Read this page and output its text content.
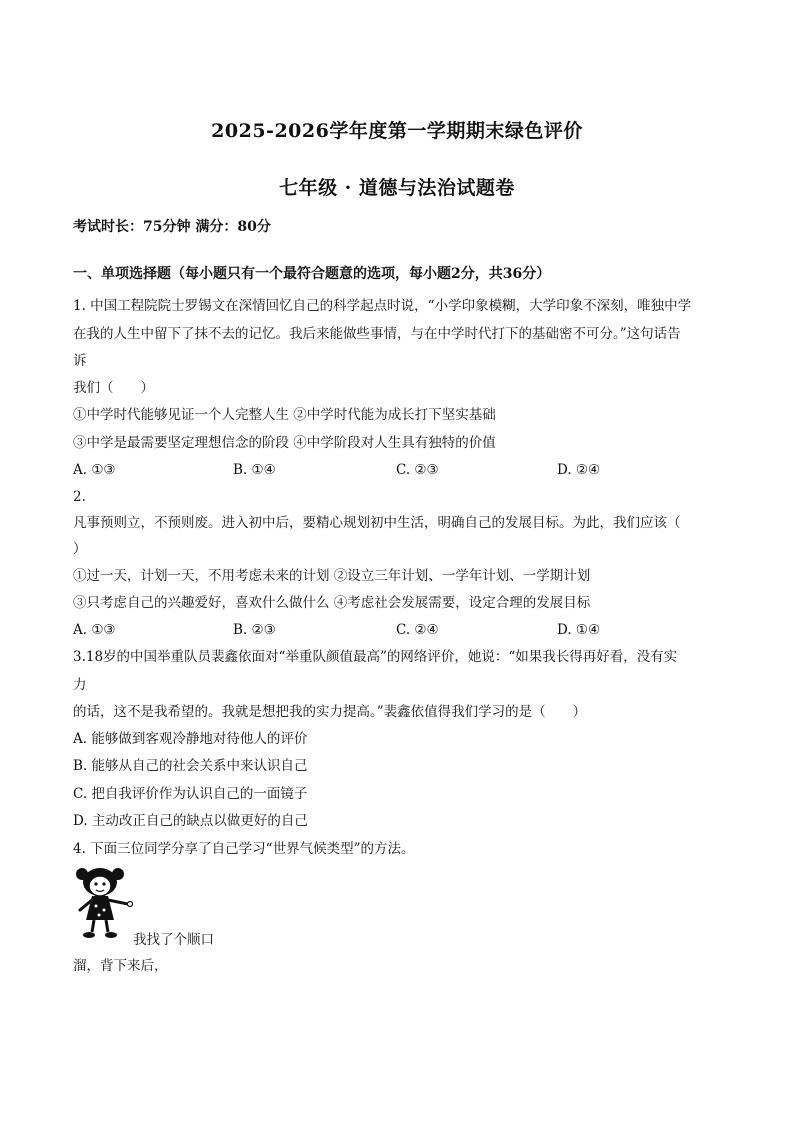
2025-2026学年度第一学期期末绿色评价
七年级 · 道德与法治试题卷
考试时长：75分钟 满分：80分
一、单项选择题（每小题只有一个最符合题意的选项，每小题2分，共36分）
1. 中国工程院院士罗锡文在深情回忆自己的科学起点时说，“小学印象模糊，大学印象不深刻，唯独中学
在我的人生中留下了抹不去的记忆。我后来能做些事情，与在中学时代打下的基础密不可分。”这句话告
诉
我们（　　）
①中学时代能够见证一个人完整人生 ②中学时代能为成长打下坚实基础
③中学是最需要坚定理想信念的阶段 ④中学阶段对人生具有独特的价值
A. ①③	B. ①④	C. ②③	D. ②④
2.
凡事预则立，不预则废。进入初中后，要精心规划初中生活，明确自己的发展目标。为此，我们应该（
）
①过一天，计划一天，不用考虑未来的计划 ②设立三年计划、一学年计划、一学期计划
③只考虑自己的兴趣爱好，喜欢什么做什么 ④考虑社会发展需要，设定合理的发展目标
A. ①③	B. ②③	C. ②④	D. ①④
3.18岁的中国举重队员裴鑫依面对“举重队颜值最高”的网络评价，她说：“如果我长得再好看，没有实
力
的话，这不是我希望的。我就是想把我的实力提高。”裴鑫依值得我们学习的是（　　）
A. 能够做到客观冷静地对待他人的评价
B. 能够从自己的社会关系中来认识自己
C. 把自我评价作为认识自己的一面镜子
D. 主动改正自己的缺点以做更好的自己
4. 下面三位同学分享了自己学习“世界气候类型”的方法。
我找了个顺口
溜，背下来后，
